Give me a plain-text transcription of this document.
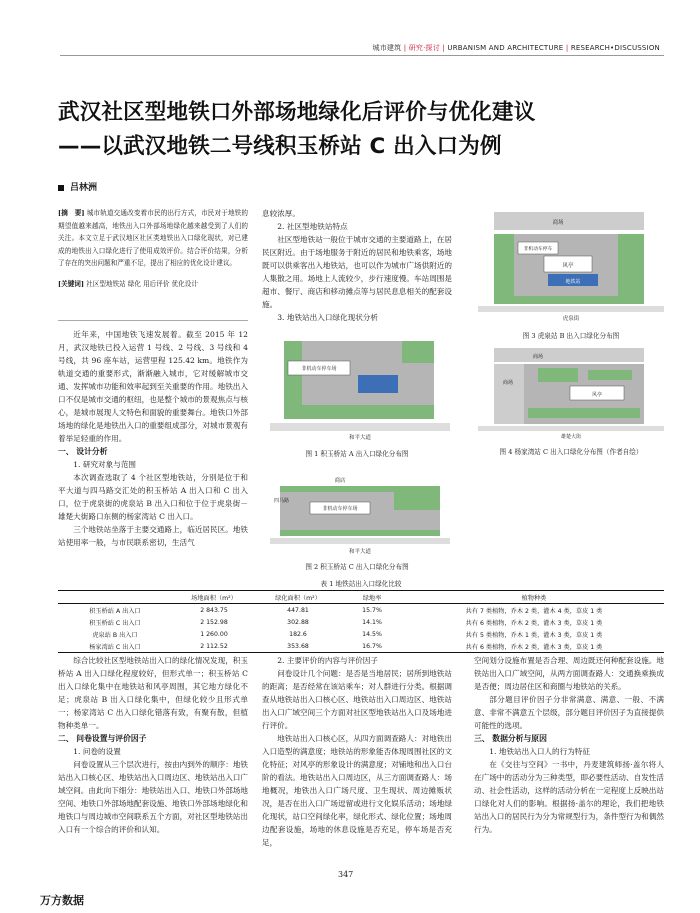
城市建筑 | 研究·探讨 | URBANISM AND ARCHITECTURE | RESEARCH•DISCUSSION
武汉社区型地铁口外部场地绿化后评价与优化建议
——以武汉地铁二号线积玉桥站 C 出入口为例
吕林洲

[摘　要] 城市轨道交通改变着市民的出行方式，市民对于地铁的期望值越来越高，地铁出入口外部场地绿化越来越受到了人们的关注。本文立足于武汉地区社区类地铁出入口绿化现状，对已建成的地铁出入口绿化进行了使用成效评价。结合评价结果，分析了存在的突出问题和严重不足，提出了相应的优化设计建议。

[关键词] 社区型地铁站 绿化 用后评价 优化设计

近年来，中国地铁飞速发展着。截至 2015 年 12 月，武汉地铁已投入运营 1 号线、2 号线、3 号线和 4 号线，共 96 座车站，运营里程 125.42 km。地铁作为轨道交通的重要形式，渐渐融入城市，它对缓解城市交通、发挥城市功能和效率起到至关重要的作用。地铁出入口不仅是城市交通的枢纽，也是整个城市的景观焦点与核心，是城市展现人文特色和面貌的重要舞台。地铁口外部场地的绿化是地铁出入口的重要组成部分，对城市景观有着举足轻重的作用。

一、 设计分析

1. 研究对象与范围

本次调查选取了 4 个社区型地铁站，分别是位于和平大道与四马路交汇处的积玉桥站 A 出入口和 C 出入口，位于虎泉街的虎泉站 B 出入口和位于位于虎泉街－雄楚大街路口东侧的杨家湾站 C 出入口。

三个地铁站坐落于主要交通路上，临近居民区。地铁站使用率一般，与市民联系密切，生活气

息较浓厚。

2. 社区型地铁站特点

社区型地铁站一般位于城市交通的主要道路上，在居民区附近。由于场地服务于附近的居民和地铁乘客，场地既可以供乘客出入地铁站，也可以作为城市广场供附近的人集散之用。场地上人流较少，步行速度慢。车站周围是超市、餐厅、商店和移动摊点等与居民息息相关的配套设施。

3. 地铁站出入口绿化现状分析

非机动车停车场
和平大道
图 1 积玉桥站 A 出入口绿化分布图
商店
非机动车停车场
四马路
和平大道
图 2 积玉桥站 C 出入口绿化分布图
商场
非机动车停车
风亭
地铁站
虎泉街
图 3 虎泉站 B 出入口绿化分布图
商场
商场
风亭
雄楚大街
图 4 杨家湾站 C 出入口绿化分布图（作者自绘）
表 1 地铁站出入口绿化比较
	场地面积（m²）	绿化面积（m²）	绿地率	植物种类
积玉桥站 A 出入口	2 843.75	447.81	15.7%	共有 7 类植物，乔木 2 类，灌木 4 类，草皮 1 类
积玉桥站 C 出入口	2 152.98	302.88	14.1%	共有 6 类植物，乔木 2 类，灌木 3 类，草皮 1 类
虎泉站 B 出入口	1 260.00	182.6	14.5%	共有 5 类植物，乔木 1 类，灌木 3 类，草皮 1 类
杨家湾站 C 出入口	2 112.52	353.68	16.7%	共有 6 类植物，乔木 2 类，灌木 3 类，草皮 1 类

综合比较社区型地铁站出入口的绿化情况发现，积玉桥站 A 出入口绿化程度较好，但形式单一；积玉桥站 C 出入口绿化集中在地铁站和风亭周围，其它地方绿化不足；虎泉站 B 出入口绿化集中，但绿化较少且形式单一；杨家湾站 C 出入口绿化错落有致，有聚有散，但植物种类单一。

二、 问卷设置与评价因子

1. 问卷的设置

问卷设置从三个层次进行，按由内到外的顺序：地铁站出入口核心区、地铁站出入口周边区、地铁站出入口广域空间。由此向下细分：地铁站出入口、地铁口外部场地空间、地铁口外部场地配套设施、地铁口外部场地绿化和地铁口与周边城市空间联系五个方面，对社区型地铁站出入口有一个综合的评价和认知。

2. 主要评价的内容与评价因子

问卷设计几个问题：是否是当地居民；居所到地铁站的距离；是否经常在该站乘车；对人群进行分类。根据调查从地铁站出入口核心区、地铁站出入口周边区、地铁站出入口广域空间三个方面对社区型地铁站出入口及场地进行评价。

地铁站出入口核心区，从四方面调查路人：对地铁出入口造型的满意度；地铁站的形象能否体现周围社区的文化特征；对风亭的形象设计的满意度；对铺地和出入口台阶的看法。地铁站出入口周边区，从三方面调查路人：场地概况，地铁出入口广场尺度、卫生现状、周边摊贩状况，是否在出入口广场逗留或进行文化娱乐活动；场地绿化现状，站口空间绿化率，绿化形式、绿化位置；场地周边配套设施，场地的休息设施是否充足，停车场是否充足，

空间划分设施布置是否合理、周边既还何种配套设施。地铁站出入口广域空间，从两方面调查路人：交通换乘换成是否便；周边居住区和商圈与地铁站的关系。

部分题目评价因子分非常满意、满意、一般、不满意、非常不满意五个层级，部分题目评价因子为直接提供可能性的选项。

三、 数据分析与原因

1. 地铁站出入口人的行为特征

在《交往与空间》一书中，丹麦建筑师扬·盖尔将人在广场中的活动分为三种类型，即必要性活动、自发性活动、社会性活动，这样的活动分析在一定程度上反映出站口绿化对人们的影响。根据扬·盖尔的理论，我们把地铁站出入口的居民行为分为常规型行为，条件型行为和偶然行为。

347
万方数据
